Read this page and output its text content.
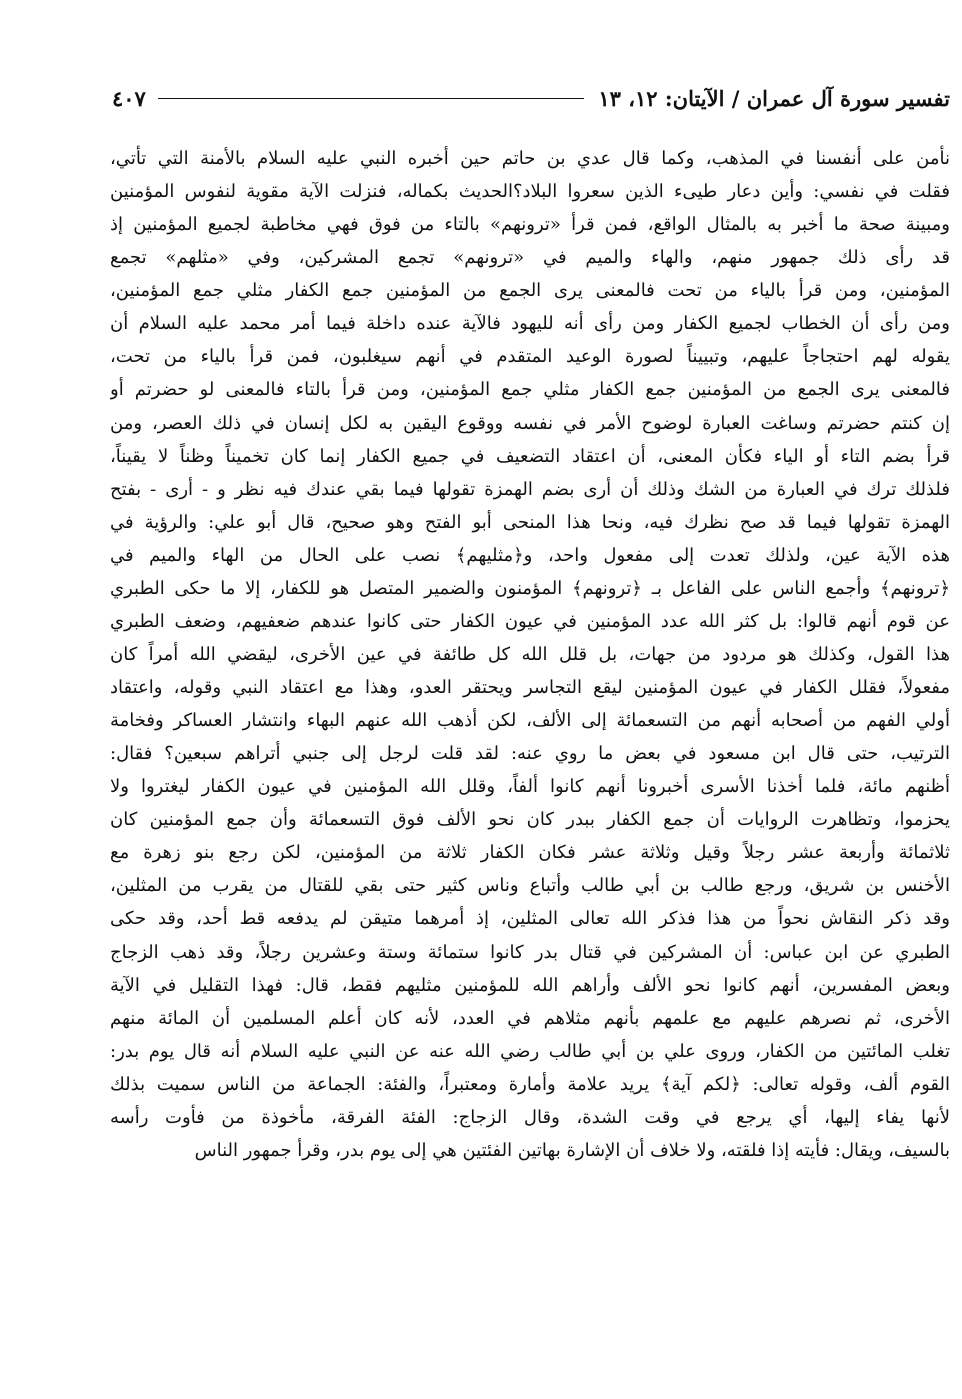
تفسير سورة آل عمران / الآيتان: ١٢، ١٣
٤٠٧
نأمن على أنفسنا في المذهب، وكما قال عدي بن حاتم حين أخبره النبي عليه السلام بالأمنة التي تأتي،
فقلت في نفسي: وأين دعار طيىء الذين سعروا البلاد؟الحديث بكماله، فنزلت الآية مقوية لنفوس المؤمنين
ومبينة صحة ما أخبر به بالمثال الواقع، فمن قرأ «ترونهم» بالتاء من فوق فهي مخاطبة لجميع المؤمنين إذ
قد رأى ذلك جمهور منهم، والهاء والميم في «ترونهم» تجمع المشركين، وفي «مثلهم» تجمع
المؤمنين، ومن قرأ بالياء من تحت فالمعنى يرى الجمع من المؤمنين جمع الكفار مثلي جمع المؤمنين،
ومن رأى أن الخطاب لجميع الكفار ومن رأى أنه لليهود فالآية عنده داخلة فيما أمر محمد عليه السلام أن
يقوله لهم احتجاجاً عليهم، وتبييناً لصورة الوعيد المتقدم في أنهم سيغلبون، فمن قرأ بالياء من تحت،
فالمعنى يرى الجمع من المؤمنين جمع الكفار مثلي جمع المؤمنين، ومن قرأ بالتاء فالمعنى لو حضرتم أو
إن كنتم حضرتم وساغت العبارة لوضوح الأمر في نفسه ووقوع اليقين به لكل إنسان في ذلك العصر، ومن
قرأ بضم التاء أو الياء فكأن المعنى، أن اعتقاد التضعيف في جميع الكفار إنما كان تخميناً وظناً لا يقيناً،
فلذلك ترك في العبارة من الشك وذلك أن أرى بضم الهمزة تقولها فيما بقي عندك فيه نظر و - أرى - بفتح
الهمزة تقولها فيما قد صح نظرك فيه، ونحا هذا المنحى أبو الفتح وهو صحيح، قال أبو علي: والرؤية في
هذه الآية عين، ولذلك تعدت إلى مفعول واحد، و﴿مثليهم﴾ نصب على الحال من الهاء والميم في
﴿ترونهم﴾ وأجمع الناس على الفاعل بـ ﴿ترونهم﴾ المؤمنون والضمير المتصل هو للكفار، إلا ما حكى الطبري
عن قوم أنهم قالوا: بل كثر الله عدد المؤمنين في عيون الكفار حتى كانوا عندهم ضعفيهم، وضعف الطبري
هذا القول، وكذلك هو مردود من جهات، بل قلل الله كل طائفة في عين الأخرى، ليقضي الله أمراً كان
مفعولاً، فقلل الكفار في عيون المؤمنين ليقع التجاسر ويحتقر العدو، وهذا مع اعتقاد النبي وقوله، واعتقاد
أولي الفهم من أصحابه أنهم من التسعمائة إلى الألف، لكن أذهب الله عنهم البهاء وانتشار العساكر وفخامة
الترتيب، حتى قال ابن مسعود في بعض ما روي عنه: لقد قلت لرجل إلى جنبي أتراهم سبعين؟ فقال:
أظنهم مائة، فلما أخذنا الأسرى أخبرونا أنهم كانوا ألفاً، وقلل الله المؤمنين في عيون الكفار ليغتروا ولا
يحزموا، وتظاهرت الروايات أن جمع الكفار ببدر كان نحو الألف فوق التسعمائة وأن جمع المؤمنين كان
ثلاثمائة وأربعة عشر رجلاً وقيل وثلاثة عشر فكان الكفار ثلاثة من المؤمنين، لكن رجع بنو زهرة مع
الأخنس بن شريق، ورجع طالب بن أبي طالب وأتباع وناس كثير حتى بقي للقتال من يقرب من المثلين،
وقد ذكر النقاش نحواً من هذا فذكر الله تعالى المثلين، إذ أمرهما متيقن لم يدفعه قط أحد، وقد حكى
الطبري عن ابن عباس: أن المشركين في قتال بدر كانوا ستمائة وستة وعشرين رجلاً، وقد ذهب الزجاج
وبعض المفسرين، أنهم كانوا نحو الألف وأراهم الله للمؤمنين مثليهم فقط، قال: فهذا التقليل في الآية
الأخرى، ثم نصرهم عليهم مع علمهم بأنهم مثلاهم في العدد، لأنه كان أعلم المسلمين أن المائة منهم
تغلب المائتين من الكفار، وروى علي بن أبي طالب رضي الله عنه عن النبي عليه السلام أنه قال يوم بدر:
القوم ألف، وقوله تعالى: ﴿لكم آية﴾ يريد علامة وأمارة ومعتبراً، والفئة: الجماعة من الناس سميت بذلك
لأنها يفاء إليها، أي يرجع في وقت الشدة، وقال الزجاج: الفئة الفرقة، مأخوذة من فأوت رأسه
بالسيف، ويقال: فأيته إذا فلقته، ولا خلاف أن الإشارة بهاتين الفئتين هي إلى يوم بدر، وقرأ جمهور الناس
